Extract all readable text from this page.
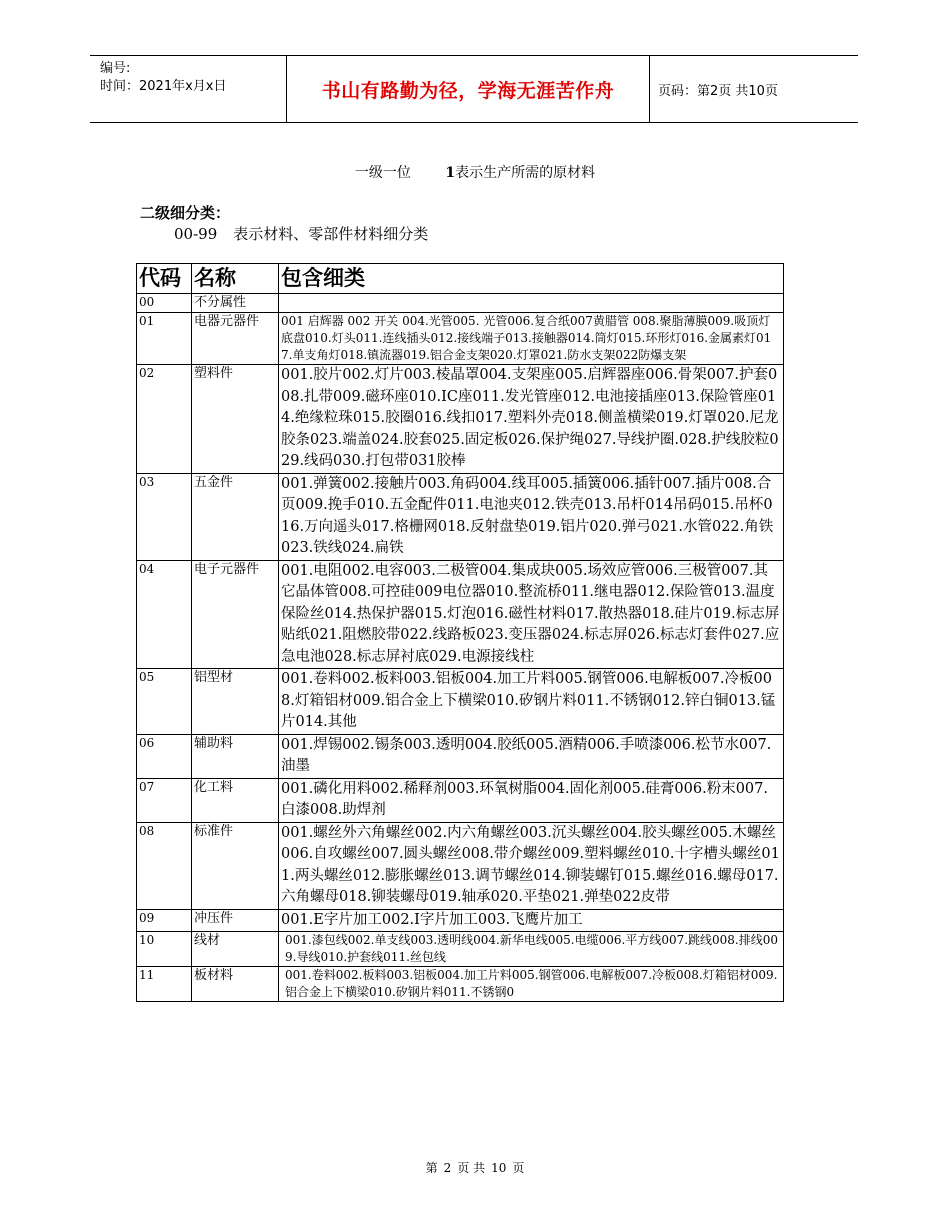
编号:
时间：2021年x月x日	书山有路勤为径，学海无涯苦作舟	页码：第2页 共10页
一级一位 1表示生产所需的原材料
二级细分类：
00-99 表示材料、零部件材料细分类
代码	名称	包含细类
00	不分属性	
01	电器元器件	001 启辉器 002 开关 004.光管005. 光管006.复合纸007黄腊管 008.聚脂薄膜009.吸顶灯底盘010.灯头011.连线插头012.接线端子013.接触器014.筒灯015.环形灯016.金属素灯017.单支角灯018.镇流器019.铝合金支架020.灯罩021.防水支架022防爆支架
02	塑料件	001.胶片002.灯片003.棱晶罩004.支架座005.启辉器座006.骨架007.护套008.扎带009.磁环座010.IC座011.发光管座012.电池接插座013.保险管座014.绝缘粒珠015.胶圈016.线扣017.塑料外壳018.侧盖横梁019.灯罩020.尼龙胶条023.端盖024.胶套025.固定板026.保护绳027.导线护圈.028.护线胶粒029.线码030.打包带031胶棒
03	五金件	001.弹簧002.接触片003.角码004.线耳005.插簧006.插针007.插片008.合页009.挽手010.五金配件011.电池夹012.铁壳013.吊杆014吊码015.吊杯016.万向遥头017.格栅网018.反射盘垫019.铝片020.弹弓021.水管022.角铁023.铁线024.扁铁
04	电子元器件	001.电阻002.电容003.二极管004.集成块005.场效应管006.三极管007.其它晶体管008.可控硅009电位器010.整流桥011.继电器012.保险管013.温度保险丝014.热保护器015.灯泡016.磁性材料017.散热器018.硅片019.标志屏贴纸021.阻燃胶带022.线路板023.变压器024.标志屏026.标志灯套件027.应急电池028.标志屏衬底029.电源接线柱
05	铝型材	001.卷料002.板料003.铝板004.加工片料005.钢管006.电解板007.冷板008.灯箱铝材009.铝合金上下横梁010.矽钢片料011.不锈钢012.锌白铜013.锰片014.其他
06	辅助料	001.焊锡002.锡条003.透明004.胶纸005.酒精006.手喷漆006.松节水007.油墨
07	化工料	001.磷化用料002.稀释剂003.环氧树脂004.固化剂005.硅膏006.粉末007.白漆008.助焊剂
08	标准件	001.螺丝外六角螺丝002.内六角螺丝003.沉头螺丝004.胶头螺丝005.木螺丝006.自攻螺丝007.圆头螺丝008.带介螺丝009.塑料螺丝010.十字槽头螺丝011.两头螺丝012.膨胀螺丝013.调节螺丝014.铆装螺钉015.螺丝016.螺母017.六角螺母018.铆装螺母019.轴承020.平垫021.弹垫022皮带
09	冲压件	001.E字片加工002.I字片加工003.飞鹰片加工
10	线材	001.漆包线002.单支线003.透明线004.新华电线005.电缆006.平方线007.跳线008.排线009.导线010.护套线011.丝包线
11	板材料	001.卷料002.板料003.铝板004.加工片料005.钢管006.电解板007.冷板008.灯箱铝材009.铝合金上下横梁010.矽钢片料011.不锈钢0
第 2 页 共 10 页
